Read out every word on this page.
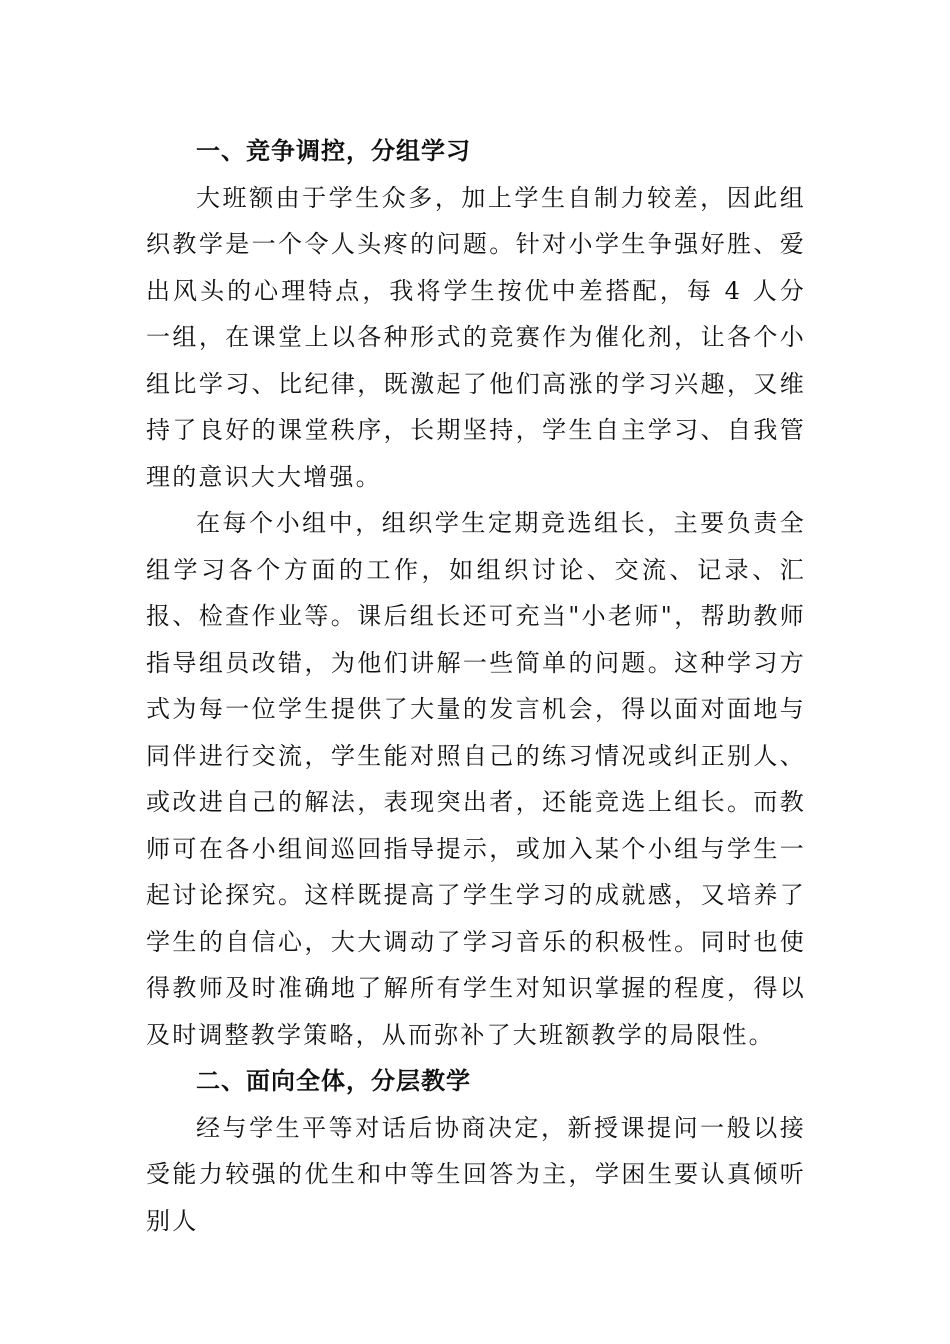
一、竞争调控，分组学习

大班额由于学生众多，加上学生自制力较差，因此组织教学是一个令人头疼的问题。针对小学生争强好胜、爱出风头的心理特点，我将学生按优中差搭配，每 4 人分一组，在课堂上以各种形式的竞赛作为催化剂，让各个小组比学习、比纪律，既激起了他们高涨的学习兴趣，又维持了良好的课堂秩序，长期坚持，学生自主学习、自我管理的意识大大增强。

在每个小组中，组织学生定期竞选组长，主要负责全组学习各个方面的工作，如组织讨论、交流、记录、汇报、检查作业等。课后组长还可充当"小老师"，帮助教师指导组员改错，为他们讲解一些简单的问题。这种学习方式为每一位学生提供了大量的发言机会，得以面对面地与同伴进行交流，学生能对照自己的练习情况或纠正别人、或改进自己的解法，表现突出者，还能竞选上组长。而教师可在各小组间巡回指导提示，或加入某个小组与学生一起讨论探究。这样既提高了学生学习的成就感，又培养了学生的自信心，大大调动了学习音乐的积极性。同时也使得教师及时准确地了解所有学生对知识掌握的程度，得以及时调整教学策略，从而弥补了大班额教学的局限性。

二、面向全体，分层教学

经与学生平等对话后协商决定，新授课提问一般以接受能力较强的优生和中等生回答为主，学困生要认真倾听别人
